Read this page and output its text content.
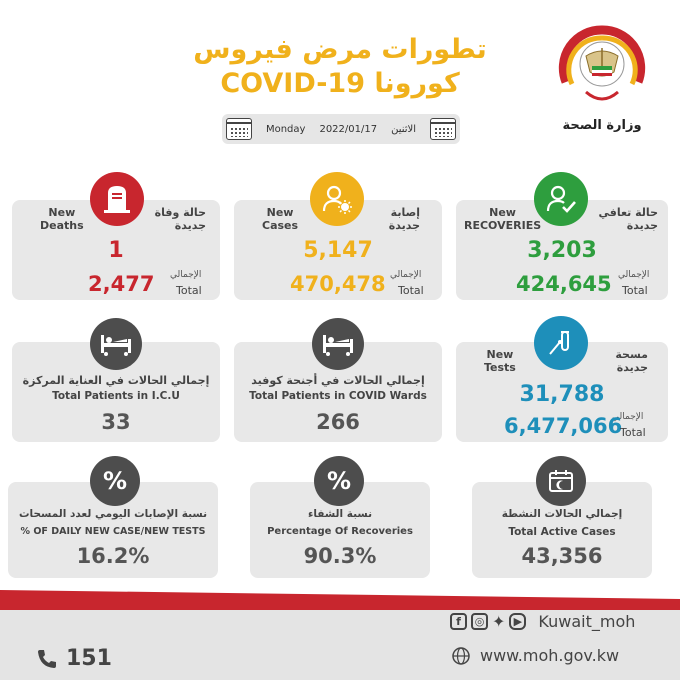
تطورات مرض فيروس
كورونا COVID-19
Monday 2022/01/17 الاثنين	وزارة الصحة
New
Deaths
حالة وفاة
جديدة
1
الإجمالي
2,477 Total
New
Cases
إصابة
جديدة
5,147
الإجمالي
470,478 Total
New
RECOVERIES
حالة تعافي
جديدة
3,203
الإجمالي
424,645 Total
إجمالي الحالات في العناية المركزة
Total Patients in I.C.U
33
إجمالي الحالات في أجنحة كوفيد
Total Patients in COVID Wards
266
New
Tests
مسحة
جديدة
31,788
الإجمالي
6,477,066
Total
نسبة الإصابات اليومي لعدد المسحات
% OF DAILY NEW CASE/NEW TESTS
16.2%
%
نسبة الشفاء
Percentage Of Recoveries
90.3%
%
إجمالي الحالات النشطة
Total Active Cases
43,356
151
f	◎ ✦ ▶ Kuwait_moh
www.moh.gov.kw
